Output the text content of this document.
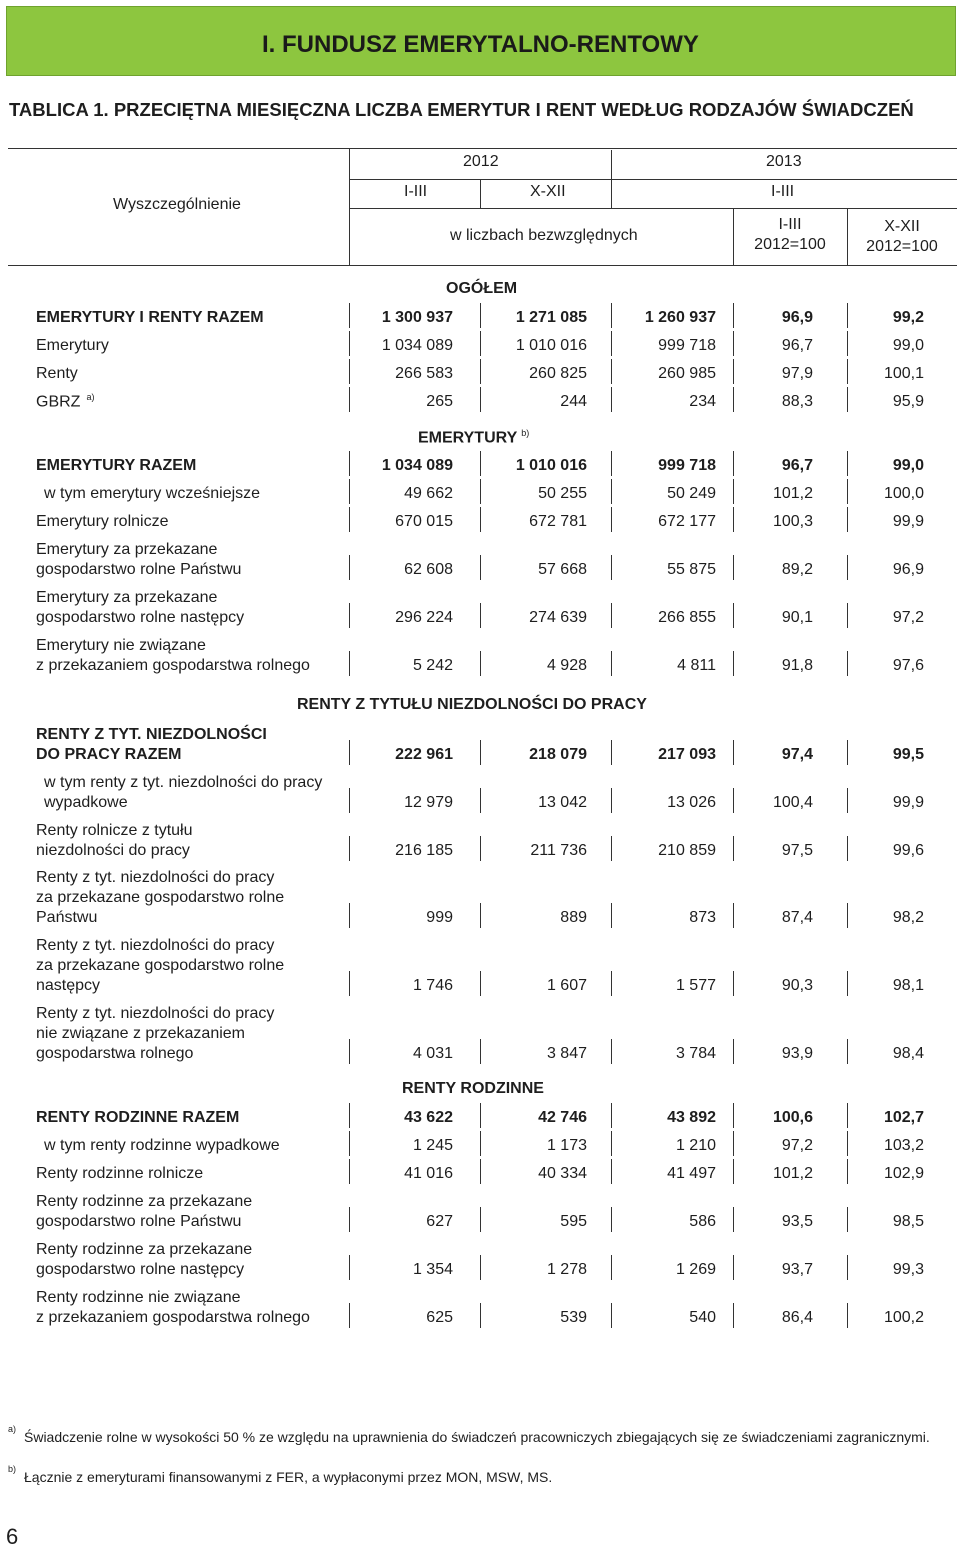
I. FUNDUSZ EMERYTALNO-RENTOWY
TABLICA 1. PRZECIĘTNA MIESIĘCZNA LICZBA EMERYTUR I RENT WEDŁUG RODZAJÓW ŚWIADCZEŃ
Wyszczególnienie
2012	2013
I-III	X-XII	I-III
w liczbach bezwzględnych
I-III
2012=100
X-XII
2012=100
OGÓŁEM
EMERYTURY $^{b)}$
RENTY Z TYTUŁU NIEZDOLNOŚCI DO PRACY
RENTY RODZINNE
EMERYTURY I RENTY RAZEM	1 300 937	1 271 085	1 260 937	96,9	99,2
Emerytury	1 034 089	1 010 016	999 718	96,7	99,0
Renty	266 583	260 825	260 985	97,9	100,1
GBRZ $^{a)}$	265	244	234	88,3	95,9
EMERYTURY RAZEM	1 034 089	1 010 016	999 718	96,7	99,0
w tym emerytury wcześniejsze	49 662	50 255	50 249	101,2	100,0
Emerytury rolnicze	670 015	672 781	672 177	100,3	99,9
Emerytury za przekazane
gospodarstwo rolne Państwu	62 608	57 668	55 875	89,2	96,9
Emerytury za przekazane
gospodarstwo rolne następcy	296 224	274 639	266 855	90,1	97,2
Emerytury nie związane
z przekazaniem gospodarstwa rolnego	5 242	4 928	4 811	91,8	97,6
RENTY Z TYT. NIEZDOLNOŚCI
DO PRACY RAZEM	222 961	218 079	217 093	97,4	99,5
w tym renty z tyt. niezdolności do pracy
wypadkowe	12 979	13 042	13 026	100,4	99,9
Renty rolnicze z tytułu
niezdolności do pracy	216 185	211 736	210 859	97,5	99,6
Renty z tyt. niezdolności do pracy
za przekazane gospodarstwo rolne
Państwu	999	889	873	87,4	98,2
Renty z tyt. niezdolności do pracy
za przekazane gospodarstwo rolne
następcy	1 746	1 607	1 577	90,3	98,1
Renty z tyt. niezdolności do pracy
nie związane z przekazaniem
gospodarstwa rolnego	4 031	3 847	3 784	93,9	98,4
RENTY RODZINNE RAZEM	43 622	42 746	43 892	100,6	102,7
w tym renty rodzinne wypadkowe	1 245	1 173	1 210	97,2	103,2
Renty rodzinne rolnicze	41 016	40 334	41 497	101,2	102,9
Renty rodzinne za przekazane
gospodarstwo rolne Państwu	627	595	586	93,5	98,5
Renty rodzinne za przekazane
gospodarstwo rolne następcy	1 354	1 278	1 269	93,7	99,3
Renty rodzinne nie związane
z przekazaniem gospodarstwa rolnego	625	539	540	86,4	100,2
a) Świadczenie rolne w wysokości 50 % ze względu na uprawnienia do świadczeń pracowniczych zbiegających się ze świadczeniami zagranicznymi.
b) Łącznie z emeryturami finansowanymi z FER, a wypłaconymi przez MON, MSW, MS.
6
